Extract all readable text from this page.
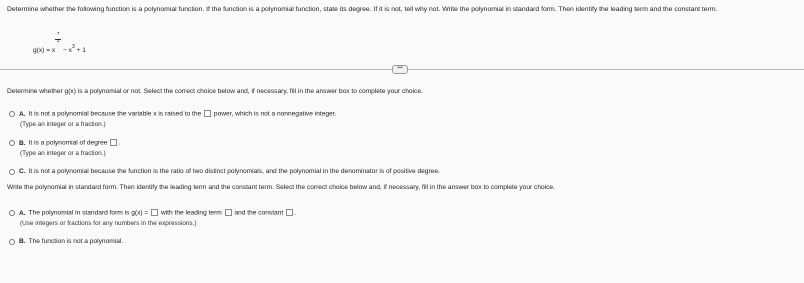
Determine whether the following function is a polynomial function. If the function is a polynomial function, state its degree. If it is not, tell why not. Write the polynomial in standard form. Then identify the leading term and the constant term.
g(x) = x
$\frac{7}{2}$
− $x^3 + 1$
•••
Determine whether g(x) is a polynomial or not. Select the correct choice below and, if necessary, fill in the answer box to complete your choice.
A. It is not a polynomial because the variable x is raised to the power, which is not a nonnegative integer.
(Type an integer or a fraction.)
B. It is a polynomial of degree .
(Type an integer or a fraction.)
C. It is not a polynomial because the function is the ratio of two distinct polynomials, and the polynomial in the denominator is of positive degree.
Write the polynomial in standard form. Then identify the leading term and the constant term. Select the correct choice below and, if necessary, fill in the answer box to complete your choice.
A. The polynomial in standard form is g(x) = with the leading term and the constant .
(Use integers or fractions for any numbers in the expressions.)
B. The function is not a polynomial.
